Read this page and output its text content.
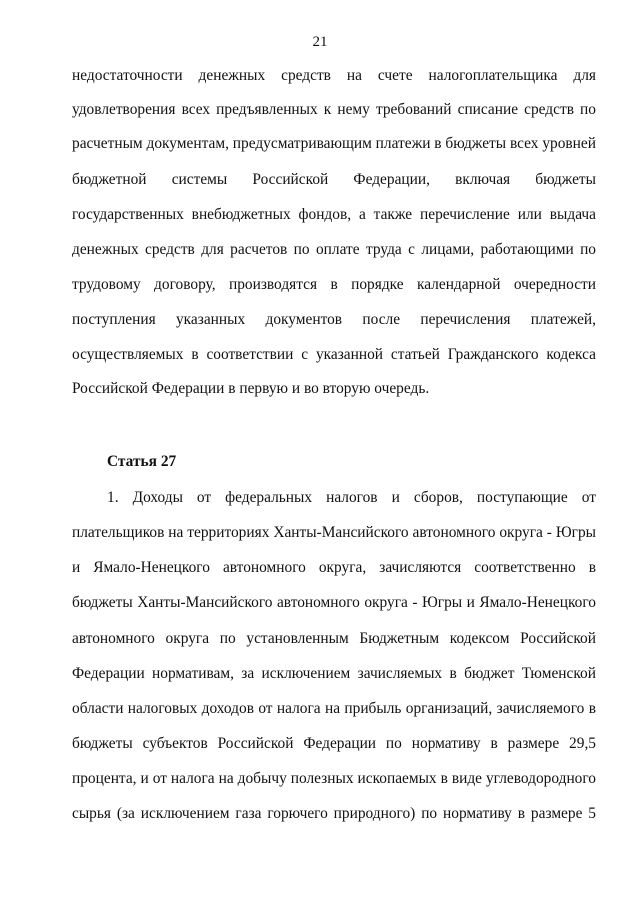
21
недостаточности денежных средств на счете налогоплательщика для
удовлетворения всех предъявленных к нему требований списание средств по
расчетным документам, предусматривающим платежи в бюджеты всех уровней
бюджетной системы Российской Федерации, включая бюджеты
государственных внебюджетных фондов, а также перечисление или выдача
денежных средств для расчетов по оплате труда с лицами, работающими по
трудовому договору, производятся в порядке календарной очередности
поступления указанных документов после перечисления платежей,
осуществляемых в соответствии с указанной статьей Гражданского кодекса
Российской Федерации в первую и во вторую очередь.
Статья 27
1. Доходы от федеральных налогов и сборов, поступающие от
плательщиков на территориях Ханты-Мансийского автономного округа - Югры
и Ямало-Ненецкого автономного округа, зачисляются соответственно в
бюджеты Ханты-Мансийского автономного округа - Югры и Ямало-Ненецкого
автономного округа по установленным Бюджетным кодексом Российской
Федерации нормативам, за исключением зачисляемых в бюджет Тюменской
области налоговых доходов от налога на прибыль организаций, зачисляемого в
бюджеты субъектов Российской Федерации по нормативу в размере 29,5
процента, и от налога на добычу полезных ископаемых в виде углеводородного
сырья (за исключением газа горючего природного) по нормативу в размере 5
